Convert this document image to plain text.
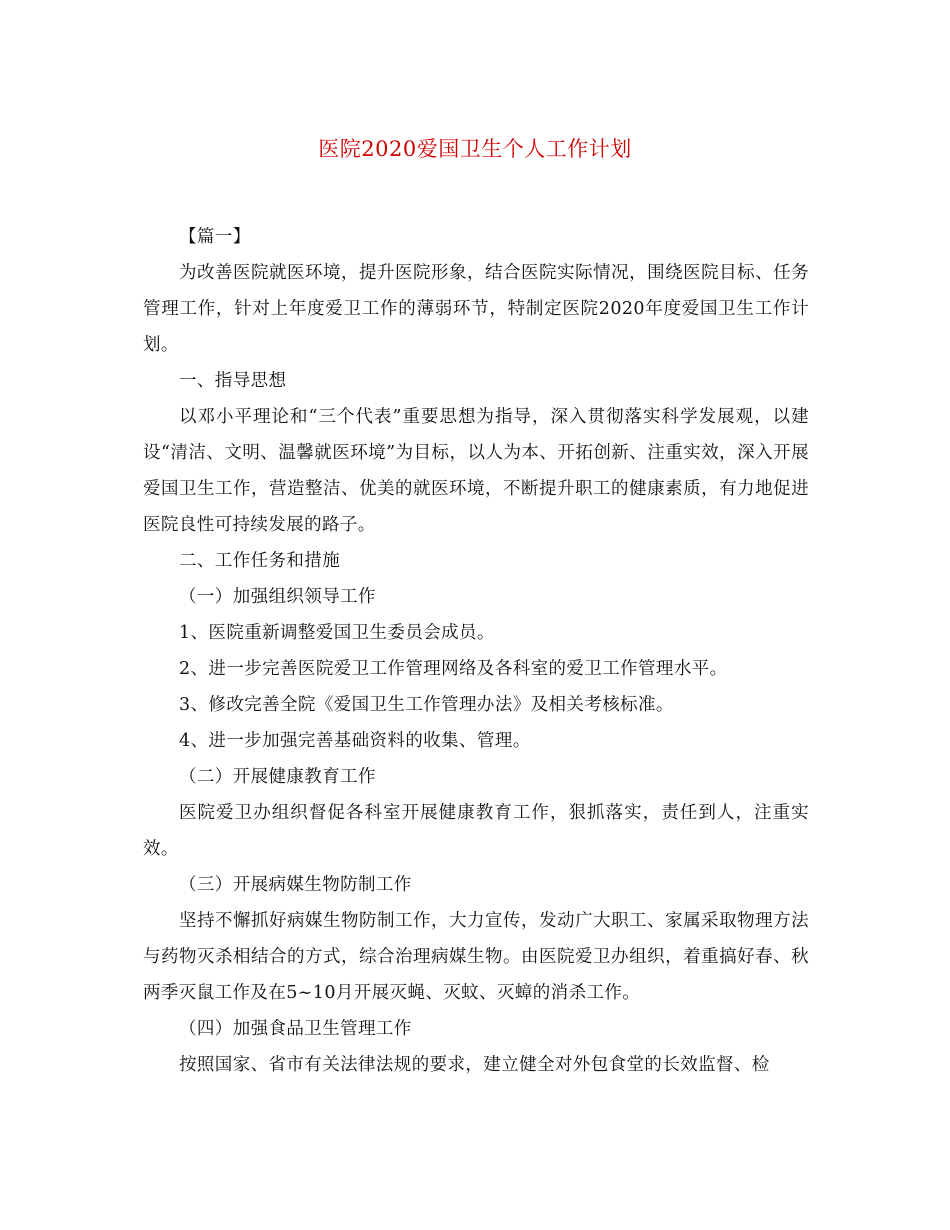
医院2020爱国卫生个人工作计划

【篇一】

为改善医院就医环境，提升医院形象，结合医院实际情况，围绕医院目标、任务管理工作，针对上年度爱卫工作的薄弱环节，特制定医院2020年度爱国卫生工作计划。

一、指导思想

以邓小平理论和“三个代表”重要思想为指导，深入贯彻落实科学发展观，以建设“清洁、文明、温馨就医环境”为目标，以人为本、开拓创新、注重实效，深入开展爱国卫生工作，营造整洁、优美的就医环境，不断提升职工的健康素质，有力地促进医院良性可持续发展的路子。

二、工作任务和措施

（一）加强组织领导工作

1、医院重新调整爱国卫生委员会成员。

2、进一步完善医院爱卫工作管理网络及各科室的爱卫工作管理水平。

3、修改完善全院《爱国卫生工作管理办法》及相关考核标准。

4、进一步加强完善基础资料的收集、管理。

（二）开展健康教育工作

医院爱卫办组织督促各科室开展健康教育工作，狠抓落实，责任到人，注重实效。

（三）开展病媒生物防制工作

坚持不懈抓好病媒生物防制工作，大力宣传，发动广大职工、家属采取物理方法与药物灭杀相结合的方式，综合治理病媒生物。由医院爱卫办组织，着重搞好春、秋两季灭鼠工作及在5~10月开展灭蝇、灭蚊、灭蟑的消杀工作。

（四）加强食品卫生管理工作

按照国家、省市有关法律法规的要求，建立健全对外包食堂的长效监督、检
